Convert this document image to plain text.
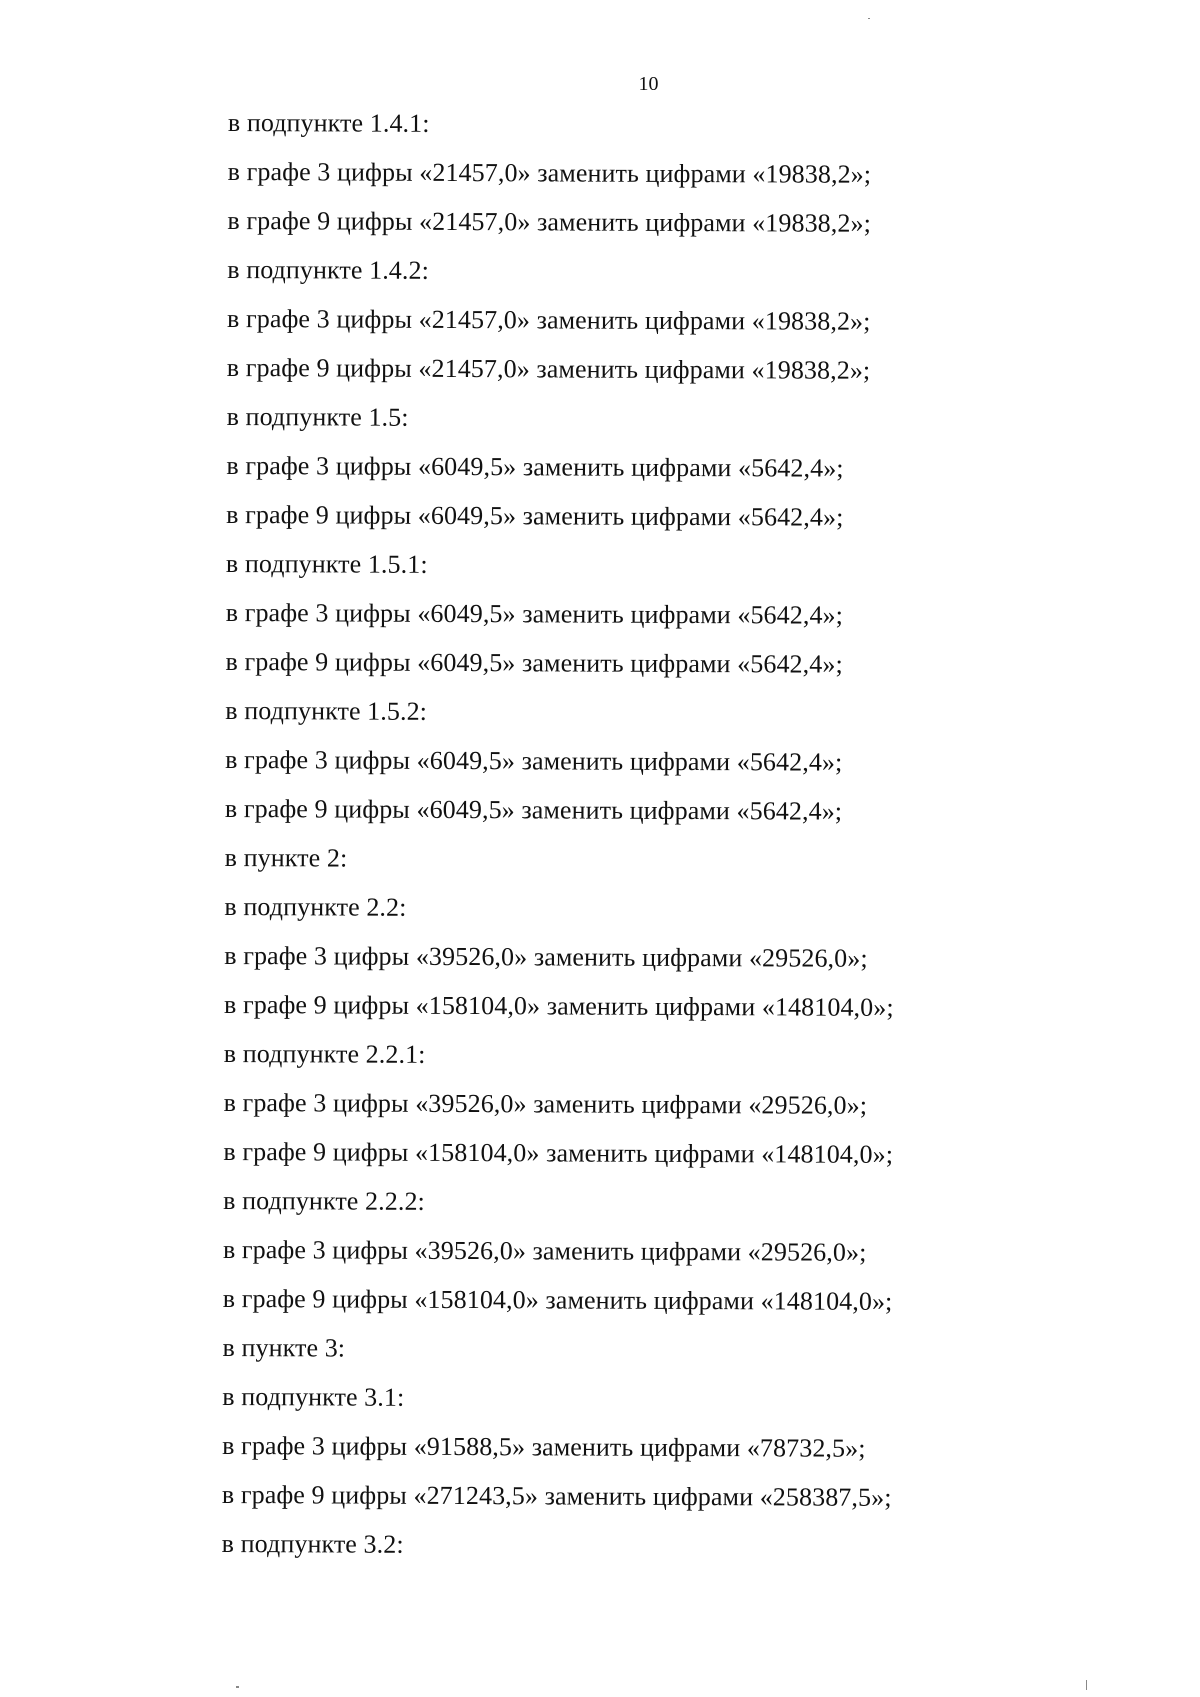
10
в подпункте 1.4.1:
в графе 3 цифры «21457,0» заменить цифрами «19838,2»;
в графе 9 цифры «21457,0» заменить цифрами «19838,2»;
в подпункте 1.4.2:
в графе 3 цифры «21457,0» заменить цифрами «19838,2»;
в графе 9 цифры «21457,0» заменить цифрами «19838,2»;
в подпункте 1.5:
в графе 3 цифры «6049,5» заменить цифрами «5642,4»;
в графе 9 цифры «6049,5» заменить цифрами «5642,4»;
в подпункте 1.5.1:
в графе 3 цифры «6049,5» заменить цифрами «5642,4»;
в графе 9 цифры «6049,5» заменить цифрами «5642,4»;
в подпункте 1.5.2:
в графе 3 цифры «6049,5» заменить цифрами «5642,4»;
в графе 9 цифры «6049,5» заменить цифрами «5642,4»;
в пункте 2:
в подпункте 2.2:
в графе 3 цифры «39526,0» заменить цифрами «29526,0»;
в графе 9 цифры «158104,0» заменить цифрами «148104,0»;
в подпункте 2.2.1:
в графе 3 цифры «39526,0» заменить цифрами «29526,0»;
в графе 9 цифры «158104,0» заменить цифрами «148104,0»;
в подпункте 2.2.2:
в графе 3 цифры «39526,0» заменить цифрами «29526,0»;
в графе 9 цифры «158104,0» заменить цифрами «148104,0»;
в пункте 3:
в подпункте 3.1:
в графе 3 цифры «91588,5» заменить цифрами «78732,5»;
в графе 9 цифры «271243,5» заменить цифрами «258387,5»;
в подпункте 3.2:
